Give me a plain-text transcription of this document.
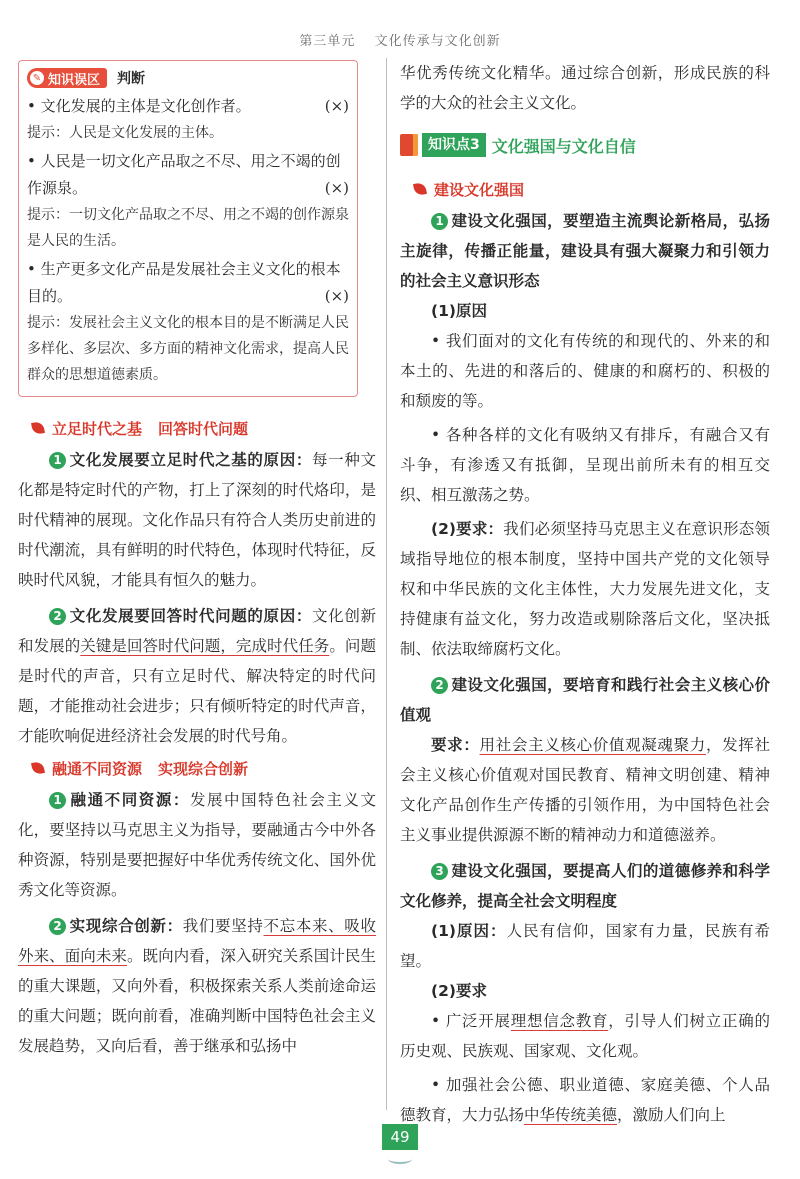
第三单元 文化传承与文化创新
✎ 知识误区 判断

(×)
• 文化发展的主体是文化创作者。

提示：人民是文化发展的主体。

• 人民是一切文化产品取之不尽、用之不竭的创作源泉。	(×)

提示：一切文化产品取之不尽、用之不竭的创作源泉是人民的生活。

• 生产更多文化产品是发展社会主义文化的根本目的。	(×)

提示：发展社会主义文化的根本目的是不断满足人民多样化、多层次、多方面的精神文化需求，提高人民群众的思想道德素质。

立足时代之基 回答时代问题

1 文化发展要立足时代之基的原因：每一种文化都是特定时代的产物，打上了深刻的时代烙印，是时代精神的展现。文化作品只有符合人类历史前进的时代潮流，具有鲜明的时代特色，体现时代特征，反映时代风貌，才能具有恒久的魅力。

2 文化发展要回答时代问题的原因：文化创新和发展的关键是回答时代问题，完成时代任务。问题是时代的声音，只有立足时代、解决特定的时代问题，才能推动社会进步；只有倾听特定的时代声音，才能吹响促进经济社会发展的时代号角。

融通不同资源 实现综合创新

1 融通不同资源：发展中国特色社会主义文化，要坚持以马克思主义为指导，要融通古今中外各种资源，特别是要把握好中华优秀传统文化、国外优秀文化等资源。

2 实现综合创新：我们要坚持不忘本来、吸收外来、面向未来。既向内看，深入研究关系国计民生的重大课题，又向外看，积极探索关系人类前途命运的重大问题；既向前看，准确判断中国特色社会主义发展趋势，又向后看，善于继承和弘扬中

华优秀传统文化精华。通过综合创新，形成民族的科学的大众的社会主义文化。

知识点3 文化强国与文化自信
建设文化强国

1 建设文化强国，要塑造主流舆论新格局，弘扬主旋律，传播正能量，建设具有强大凝聚力和引领力的社会主义意识形态

(1)原因

• 我们面对的文化有传统的和现代的、外来的和本土的、先进的和落后的、健康的和腐朽的、积极的和颓废的等。

• 各种各样的文化有吸纳又有排斥，有融合又有斗争，有渗透又有抵御，呈现出前所未有的相互交织、相互激荡之势。

(2)要求：我们必须坚持马克思主义在意识形态领域指导地位的根本制度，坚持中国共产党的文化领导权和中华民族的文化主体性，大力发展先进文化，支持健康有益文化，努力改造或剔除落后文化，坚决抵制、依法取缔腐朽文化。

2 建设文化强国，要培育和践行社会主义核心价值观

要求：用社会主义核心价值观凝魂聚力，发挥社会主义核心价值观对国民教育、精神文明创建、精神文化产品创作生产传播的引领作用，为中国特色社会主义事业提供源源不断的精神动力和道德滋养。

3 建设文化强国，要提高人们的道德修养和科学文化修养，提高全社会文明程度

(1)原因：人民有信仰，国家有力量，民族有希望。

(2)要求

• 广泛开展理想信念教育，引导人们树立正确的历史观、民族观、国家观、文化观。

• 加强社会公德、职业道德、家庭美德、个人品德教育，大力弘扬中华传统美德，激励人们向上

49
